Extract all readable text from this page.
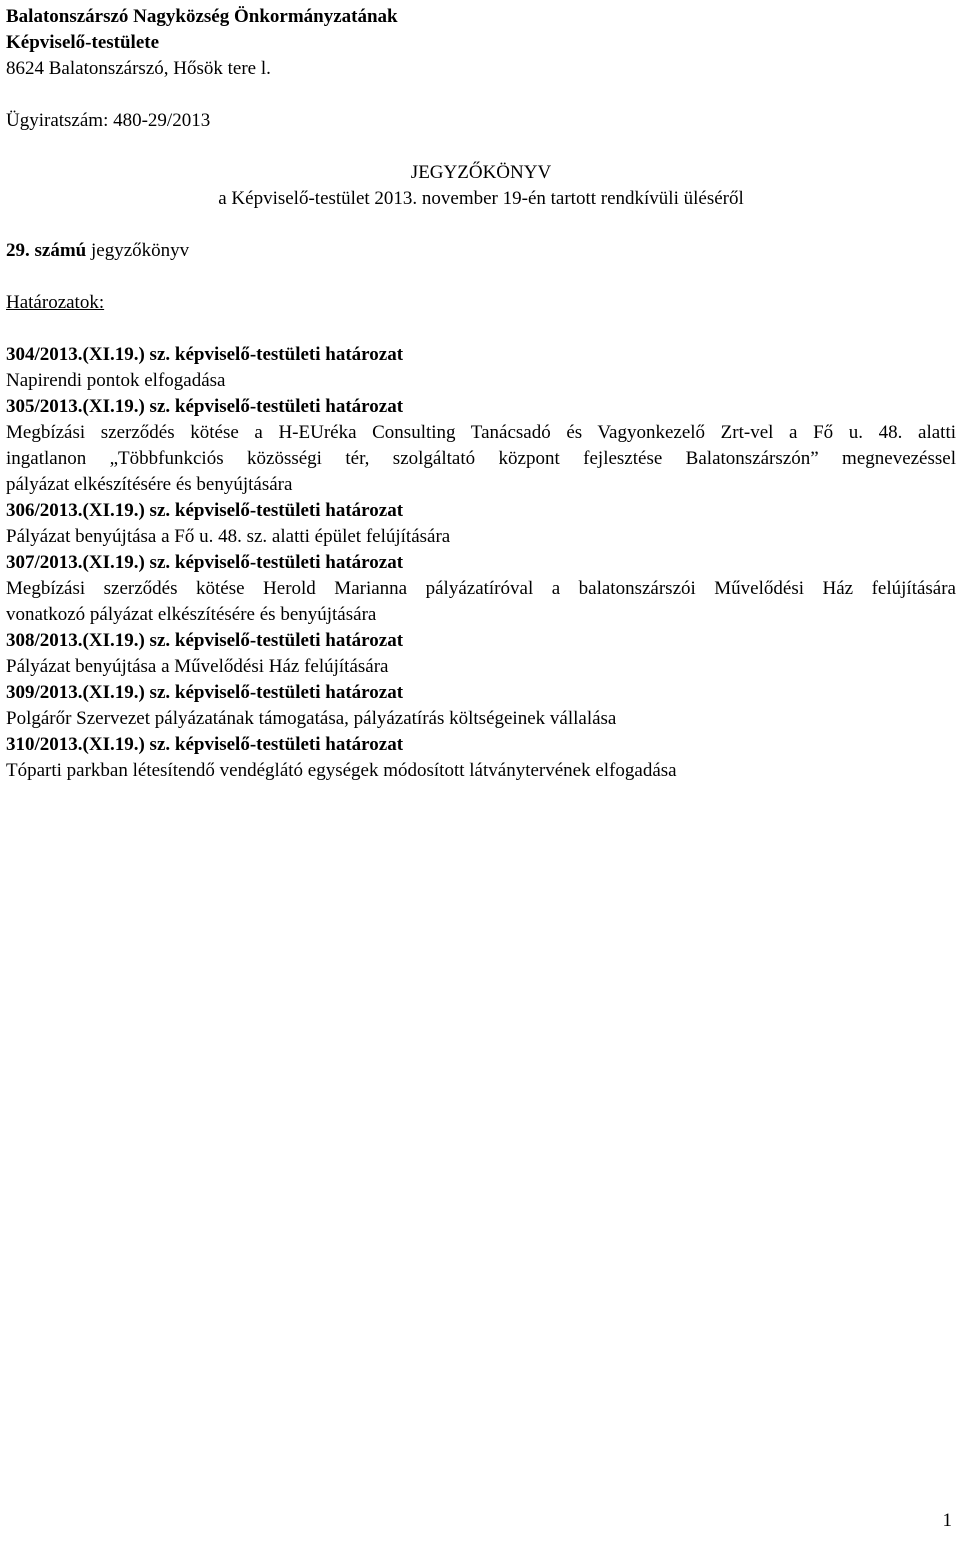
Balatonszárszó Nagyközség Önkormányzatának
Képviselő-testülete
8624 Balatonszárszó, Hősök tere l.
Ügyiratszám: 480-29/2013
JEGYZŐKÖNYV
a Képviselő-testület 2013. november 19-én tartott rendkívüli üléséről
29. számú jegyzőkönyv
Határozatok:
304/2013.(XI.19.) sz. képviselő-testületi határozat
Napirendi pontok elfogadása
305/2013.(XI.19.) sz. képviselő-testületi határozat
Megbízási szerződés kötése a H-EUréka Consulting Tanácsadó és Vagyonkezelő Zrt-vel a Fő u. 48. alatti
ingatlanon „Többfunkciós közösségi tér, szolgáltató központ fejlesztése Balatonszárszón” megnevezéssel
pályázat elkészítésére és benyújtására
306/2013.(XI.19.) sz. képviselő-testületi határozat
Pályázat benyújtása a Fő u. 48. sz. alatti épület felújítására
307/2013.(XI.19.) sz. képviselő-testületi határozat
Megbízási szerződés kötése Herold Marianna pályázatíróval a balatonszárszói Művelődési Ház felújítására
vonatkozó pályázat elkészítésére és benyújtására
308/2013.(XI.19.) sz. képviselő-testületi határozat
Pályázat benyújtása a Művelődési Ház felújítására
309/2013.(XI.19.) sz. képviselő-testületi határozat
Polgárőr Szervezet pályázatának támogatása, pályázatírás költségeinek vállalása
310/2013.(XI.19.) sz. képviselő-testületi határozat
Tóparti parkban létesítendő vendéglátó egységek módosított látványtervének elfogadása
1
